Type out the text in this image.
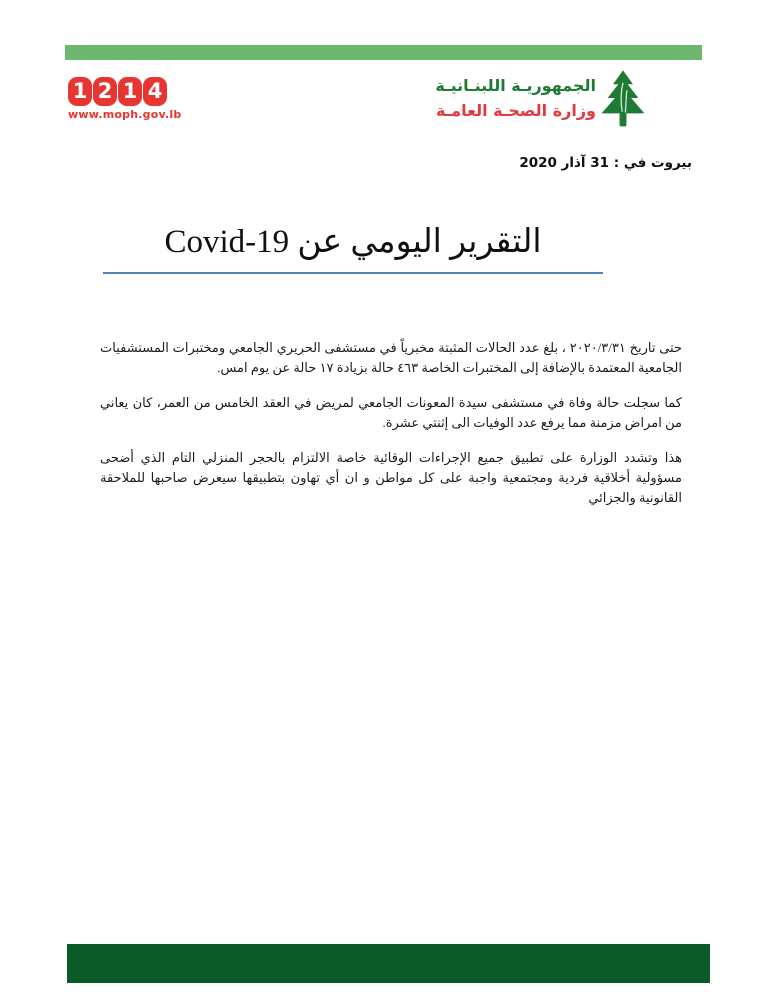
1 2 1 4
www.moph.gov.lb
الجمهوريـة اللبنـانيـة
وزارة الصحـة العامـة
بيروت في : 31 آذار 2020
التقرير اليومي عن Covid-19

حتى تاريخ ٢٠٢٠/٣/٣١ ، بلغ عدد الحالات المثبتة مخبرياً في مستشفى الحريري الجامعي ومختبرات المستشفيات الجامعية المعتمدة بالإضافة إلى المختبرات الخاصة ٤٦٣ حالة بزيادة ١٧ حالة عن يوم امس.

كما سجلت حالة وفاة في مستشفى سيدة المعونات الجامعي لمريض في العقد الخامس من العمر، كان يعاني من امراض مزمنة مما يرفع عدد الوفيات الى إثنتي عشرة.

هذا وتشدد الوزارة على تطبيق جميع الإجراءات الوقائية خاصة الالتزام بالحجر المنزلي التام الذي أضحى مسؤولية أخلاقية فردية ومجتمعية واجبة على كل مواطن و ان أي تهاون بتطبيقها سيعرض صاحبها للملاحقة القانونية والجزائي
